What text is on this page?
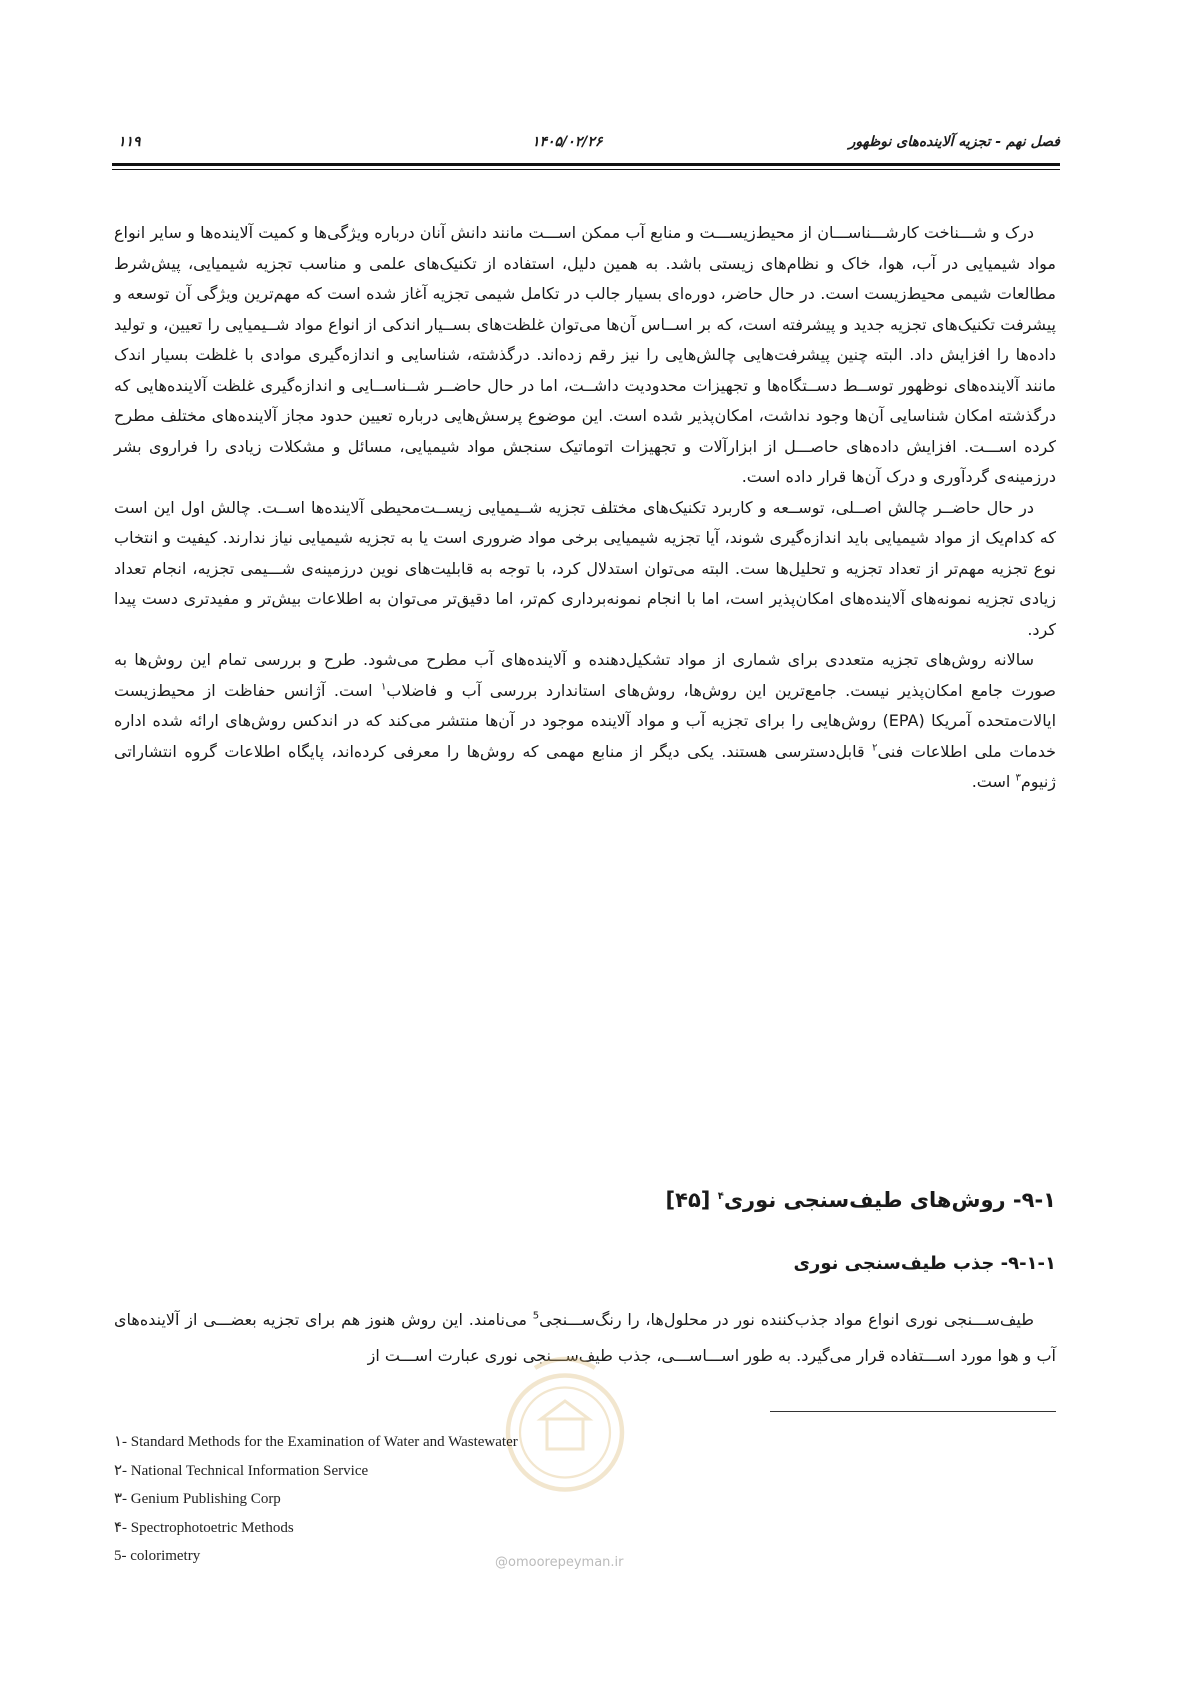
۱۱۹	۱۴۰۵/۰۲/۲۶	فصل نهم - تجزیه آلاینده‌های نوظهور

درک و شـــناخت کارشـــناســـان از محیط‌زیســـت و منابع آب ممکن اســـت مانند دانش آنان درباره ویژگی‌ها و کمیت آلاینده‌ها و سایر انواع مواد شیمیایی در آب، هوا، خاک و نظام‌های زیستی باشد. به همین دلیل، استفاده از تکنیک‌های علمی و مناسب تجزیه شیمیایی، پیش‌شرط مطالعات شیمی محیط‌زیست است. در حال حاضر، دوره‌ای بسیار جالب در تکامل شیمی تجزیه آغاز شده است که مهم‌ترین ویژگی آن توسعه و پیشرفت تکنیک‌های تجزیه جدید و پیشرفته است، که بر اســاس آن‌ها می‌توان غلظت‌های بســیار اندکی از انواع مواد شــیمیایی را تعیین، و تولید داده‌ها را افزایش داد. البته چنین پیشرفت‌هایی چالش‌هایی را نیز رقم زده‌اند. درگذشته، شناسایی و اندازه‌گیری موادی با غلظت بسیار اندک مانند آلاینده‌های نوظهور توســط دســتگاه‌ها و تجهیزات محدودیت داشــت، اما در حال حاضــر شــناســایی و اندازه‌گیری غلظت آلاینده‌هایی که درگذشته امکان شناسایی آن‌ها وجود نداشت، امکان‌پذیر شده است. این موضوع پرسش‌هایی درباره تعیین حدود مجاز آلاینده‌های مختلف مطرح کرده اســـت. افزایش داده‌های حاصـــل از ابزارآلات و تجهیزات اتوماتیک سنجش مواد شیمیایی، مسائل و مشکلات زیادی را فراروی بشر درزمینه‌ی گردآوری و درک آن‌ها قرار داده است.

در حال حاضــر چالش اصــلی، توســعه و کاربرد تکنیک‌های مختلف تجزیه شــیمیایی زیســت‌محیطی آلاینده‌ها اســت. چالش اول این است که کدام‌یک از مواد شیمیایی باید اندازه‌گیری شوند، آیا تجزیه شیمیایی برخی مواد ضروری است یا به تجزیه شیمیایی نیاز ندارند. کیفیت و انتخاب نوع تجزیه مهم‌تر از تعداد تجزیه و تحلیل‌ها ست. البته می‌توان استدلال کرد، با توجه به قابلیت‌های نوین درزمینه‌ی شـــیمی تجزیه، انجام تعداد زیادی تجزیه نمونه‌های آلاینده‌های امکان‌پذیر است، اما با انجام نمونه‌برداری کم‌تر، اما دقیق‌تر می‌توان به اطلاعات بیش‌تر و مفیدتری دست پیدا کرد.

سالانه روش‌های تجزیه متعددی برای شماری از مواد تشکیل‌دهنده و آلاینده‌های آب مطرح می‌شود. طرح و بررسی تمام این روش‌ها به صورت جامع امکان‌پذیر نیست. جامع‌ترین این روش‌ها، روش‌های استاندارد بررسی آب و فاضلاب$^۱$ است. آژانس حفاظت از محیط‌زیست ایالات‌متحده آمریکا (EPA) روش‌هایی را برای تجزیه آب و مواد آلاینده موجود در آن‌ها منتشر می‌کند که در اندکس روش‌های ارائه شده اداره خدمات ملی اطلاعات فنی$^۲$ قابل‌دسترسی هستند. یکی دیگر از منابع مهمی که روش‌ها را معرفی کرده‌اند، پایگاه اطلاعات گروه انتشاراتی ژنیوم$^۳$ است.

۹-۱- روش‌های طیف‌سنجی نوری$^۴$ [۴۵]
۹-۱-۱- جذب طیف‌سنجی نوری

طیف‌ســـنجی نوری انواع مواد جذب‌کننده نور در محلول‌ها، را رنگ‌ســـنجی$^5$ می‌نامند. این روش هنوز هم برای تجزیه بعضـــی از آلاینده‌های آب و هوا مورد اســـتفاده قرار می‌گیرد. به طور اســـاســـی، جذب طیف‌ســـنجی نوری عبارت اســـت از

@omoorepeyman.ir
۱- Standard Methods for the Examination of Water and Wastewater
۲- National Technical Information Service
۳- Genium Publishing Corp
۴- Spectrophotoetric Methods
5- colorimetry
